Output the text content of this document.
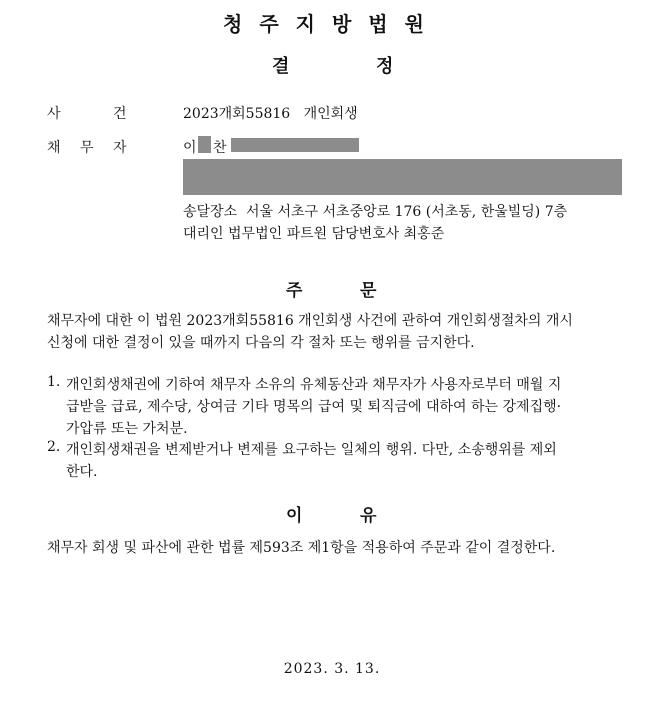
청주지방법원
결	정
사	건	2023개회55816 개인회생
채 무 자	이 찬
송달장소  서울 서초구 서초중앙로 176 (서초동, 한울빌딩) 7층
대리인 법무법인 파트원 담당변호사 최홍준
주	문
채무자에 대한 이 법원 2023개회55816 개인회생 사건에 관하여 개인회생절차의 개시
신청에 대한 결정이 있을 때까지 다음의 각 절차 또는 행위를 금지한다.
1. 개인회생채권에 기하여 채무자 소유의 유체동산과 채무자가 사용자로부터 매월 지
급받을 급료, 제수당, 상여금 기타 명목의 급여 및 퇴직금에 대하여 하는 강제집행·
가압류 또는 가처분.
2. 개인회생채권을 변제받거나 변제를 요구하는 일체의 행위. 다만, 소송행위를 제외
한다.
이	유
채무자 회생 및 파산에 관한 법률 제593조 제1항을 적용하여 주문과 같이 결정한다.
2023. 3. 13.
